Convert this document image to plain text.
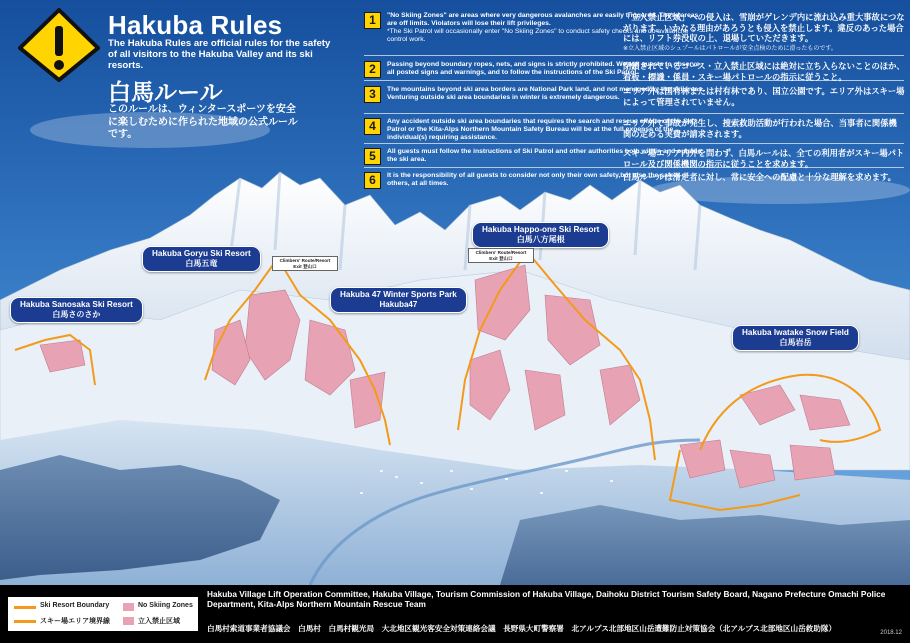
Hakuba Rules
The Hakuba Rules are official rules for the safety of all visitors to the Hakuba Valley and its ski resorts.
白馬ルール
このルールは、ウィンタースポーツを安全に楽しむために作られた地域の公式ルールです。
1	"No Skiing Zones" are areas where very dangerous avalanches are easily triggered. These areas are off limits. Violators will lose their lift privileges.
*The Ski Patrol will occasionally enter "No Skiing Zones" to conduct safety checks and do avalanche control work.
2	Passing beyond boundary ropes, nets, and signs is strictly prohibited. We ask guests to observe all posted signs and warnings, and to follow the instructions of the Ski Patrol.
3	The mountains beyond ski area borders are National Park land, and not managed by the ski areas. Venturing outside ski area boundaries in winter is extremely dangerous.
4	Any accident outside ski area boundaries that requires the search and rescue efforts of the Ski Patrol or the Kita-Alps Northern Mountain Safety Bureau will be at the full expense of the individual(s) requiring assistance.
5	All guests must follow the instructions of Ski Patrol and other authorities both within and outside the ski area.
6	It is the responsibility of all guests to consider not only their own safety,but also the safety of others, at all times.
「立入禁止区域」への侵入は、雪崩がゲレンデ内に流れ込み重大事故につながります。いかなる理由があろうとも侵入を禁止します。違反のあった場合には、リフト券没収の上、退場していただきます。
※立入禁止区域のシュプールはパトロールが安全点検のために滑ったものです。
閉鎖されているコース・立入禁止区域には絶対に立ち入らないことのほか、看板・標識・係員・スキー場パトロールの指示に従うこと。
エリア外は国有林または村有林であり、国立公園です。エリア外はスキー場によって管理されていません。
エリア外で事故が発生し、捜索救助活動が行われた場合、当事者に関係機関の定める実費が請求されます。
スキー場エリア内外を問わず、白馬ルールは、全ての利用者がスキー場パトロール及び関係機関の指示に従うことを求めます。
白馬ルールは滑走者に対し、常に安全への配慮と十分な理解を求めます。
Hakuba Goryu Ski Resort
白馬五竜
Hakuba Sanosaka Ski Resort
白馬さのさか
Hakuba 47 Winter Sports Park
Hakuba47
Hakuba Happo-one Ski Resort
白馬八方尾根
Hakuba Iwatake Snow Field
白馬岩岳
Climbers' Route/Resort Exit 登山口
Climbers' Route/Resort Exit 登山口
Ski Resort Boundary
スキー場エリア境界線
No Skiing Zones
立入禁止区域
Hakuba Village Lift Operation Committee, Hakuba Village, Tourism Commission of Hakuba Village, Daihoku District Tourism Safety Board, Nagano Prefecture Omachi Police Department, Kita-Alps Northern Mountain Rescue Team
白馬村索道事業者協議会　白馬村　白馬村観光局　大北地区観光客安全対策連絡会議　長野県大町警察署　北アルプス北部地区山岳遭難防止対策協会（北アルプス北部地区山岳救助隊）	2018.12
